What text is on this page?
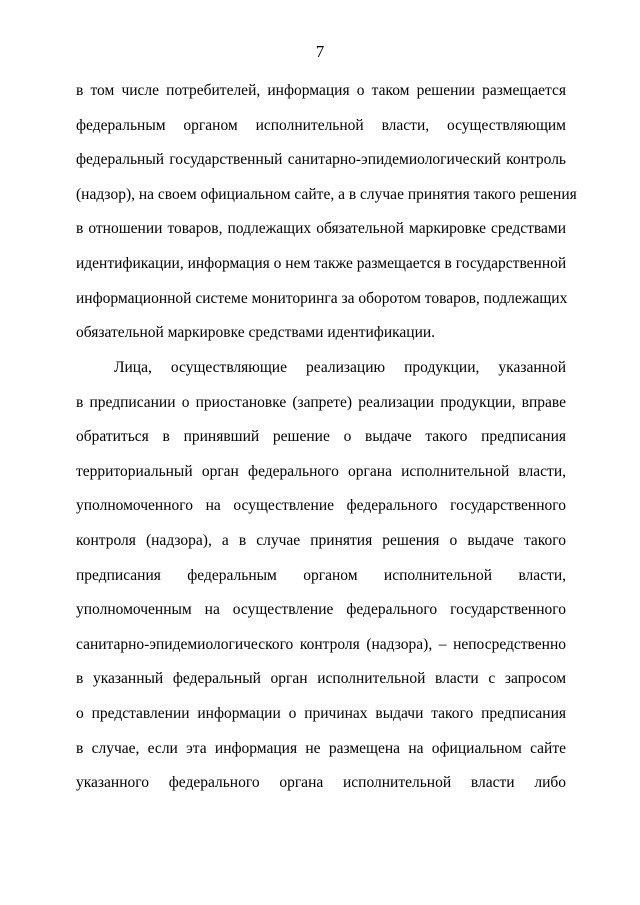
7
в том числе потребителей, информация о таком решении размещается
федеральным органом исполнительной власти, осуществляющим
федеральный государственный санитарно-эпидемиологический контроль
(надзор), на своем официальном сайте, а в случае принятия такого решения
в отношении товаров, подлежащих обязательной маркировке средствами
идентификации, информация о нем также размещается в государственной
информационной системе мониторинга за оборотом товаров, подлежащих
обязательной маркировке средствами идентификации.
Лица, осуществляющие реализацию продукции, указанной
в предписании о приостановке (запрете) реализации продукции, вправе
обратиться в принявший решение о выдаче такого предписания
территориальный орган федерального органа исполнительной власти,
уполномоченного на осуществление федерального государственного
контроля (надзора), а в случае принятия решения о выдаче такого
предписания федеральным органом исполнительной власти,
уполномоченным на осуществление федерального государственного
санитарно-эпидемиологического контроля (надзора), – непосредственно
в указанный федеральный орган исполнительной власти с запросом
о представлении информации о причинах выдачи такого предписания
в случае, если эта информация не размещена на официальном сайте
указанного федерального органа исполнительной власти либо
